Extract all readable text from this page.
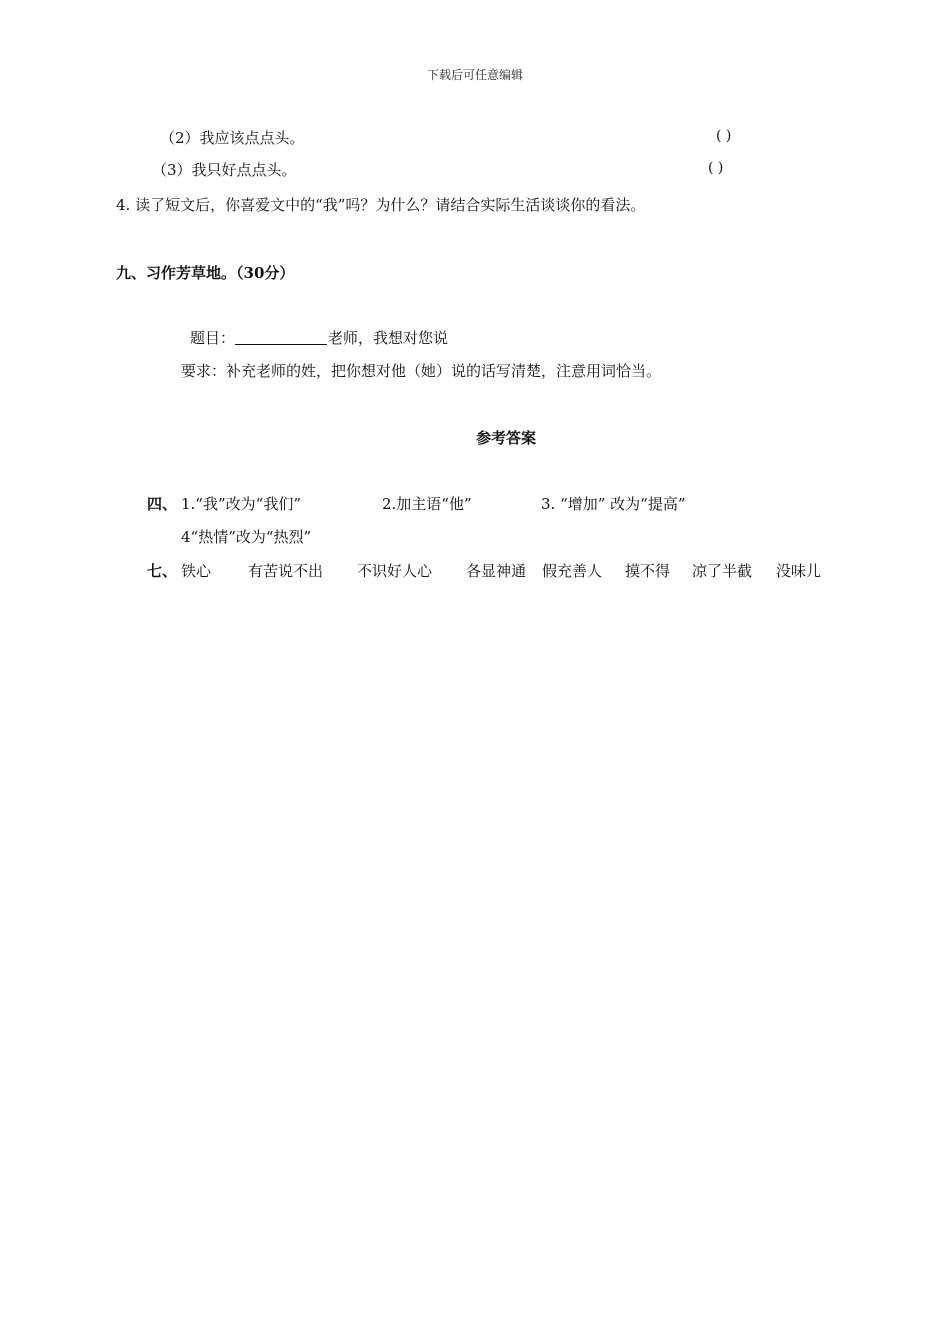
下载后可任意编辑
（2）我应该点点头。	( )
（3）我只好点点头。	( )
4. 读了短文后，你喜爱文中的“我”吗？为什么？请结合实际生活谈谈你的看法。
九、习作芳草地。（30分）
题目：	老师，我想对您说
要求：补充老师的姓，把你想对他（她）说的话写清楚，注意用词恰当。
参考答案
四、 1.“我”改为“我们”	2.加主语“他”	3. “增加” 改为“提高”
4“热情”改为“热烈”
七、 铁心 有苦说不出 不识好人心 各显神通 假充善人 摸不得 凉了半截 没味儿
